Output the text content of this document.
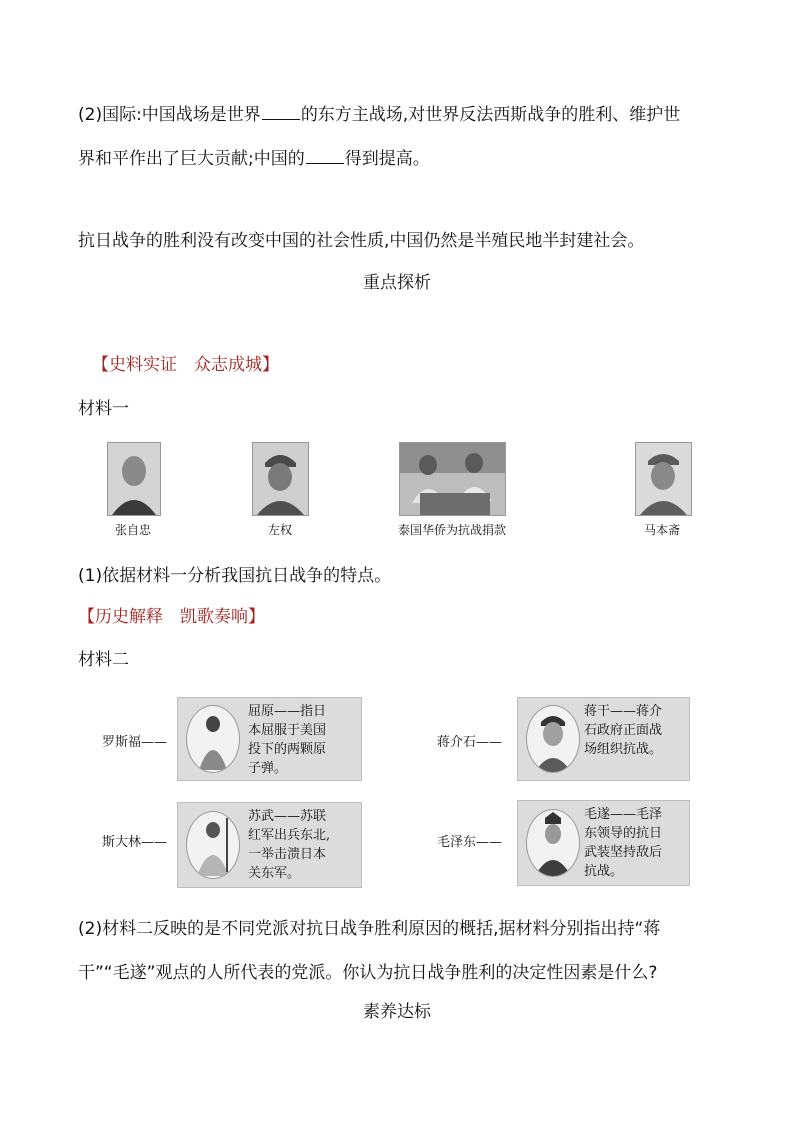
(2)国际:中国战场是世界 的东方主战场,对世界反法西斯战争的胜利、维护世
界和平作出了巨大贡献;中国的 得到提高。
抗日战争的胜利没有改变中国的社会性质,中国仍然是半殖民地半封建社会。
重点探析
【史料实证　众志成城】
材料一
张自忠	左权	泰国华侨为抗战捐款	马本斋
(1)依据材料一分析我国抗日战争的特点。
【历史解释　凯歌奏响】
材料二
罗斯福——
屈原——指日
本屈服于美国
投下的两颗原
子弹。
蒋介石——
蒋干——蒋介
石政府正面战
场组织抗战。
斯大林——
苏武——苏联
红军出兵东北,
一举击溃日本
关东军。
毛泽东——
毛遂——毛泽
东领导的抗日
武装坚持敌后
抗战。
(2)材料二反映的是不同党派对抗日战争胜利原因的概括,据材料分别指出持“蒋
干”“毛遂”观点的人所代表的党派。你认为抗日战争胜利的决定性因素是什么?
素养达标
